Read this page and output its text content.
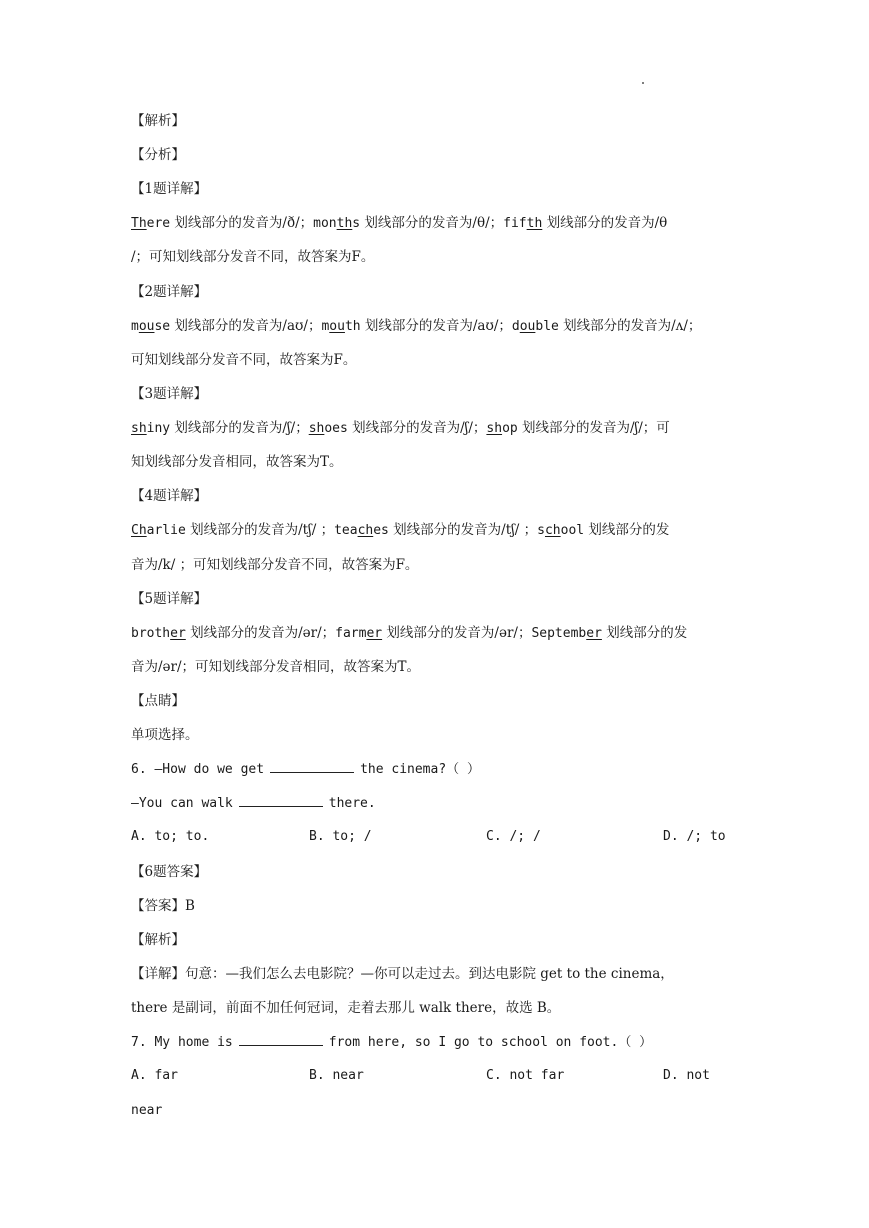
【解析】
【分析】
【1题详解】
There 划线部分的发音为/ð/；months 划线部分的发音为/θ/；fifth 划线部分的发音为/θ
/；可知划线部分发音不同，故答案为F。
【2题详解】
mouse 划线部分的发音为/aʊ/；mouth 划线部分的发音为/aʊ/；double 划线部分的发音为/ʌ/；
可知划线部分发音不同，故答案为F。
【3题详解】
shiny 划线部分的发音为/ʃ/；shoes 划线部分的发音为/ʃ/；shop 划线部分的发音为/ʃ/；可
知划线部分发音相同，故答案为T。
【4题详解】
Charlie 划线部分的发音为/tʃ/ ；teaches 划线部分的发音为/tʃ/ ；school 划线部分的发
音为/k/ ；可知划线部分发音不同，故答案为F。
【5题详解】
brother 划线部分的发音为/ər/；farmer 划线部分的发音为/ər/；September 划线部分的发
音为/ər/；可知划线部分发音相同，故答案为T。
【点睛】
单项选择。
6. —How do we get	the cinema?（ ）
—You can walk	there.
A. to; to.	B. to; /	C. /; /	D. /; to
【6题答案】
【答案】B
【解析】
【详解】句意：—我们怎么去电影院？—你可以走过去。到达电影院 get to the cinema，
there 是副词，前面不加任何冠词，走着去那儿 walk there，故选 B。
7. My home is	from here, so I go to school on foot.（ ）
A. far	B. near	C. not far	D. not
near
